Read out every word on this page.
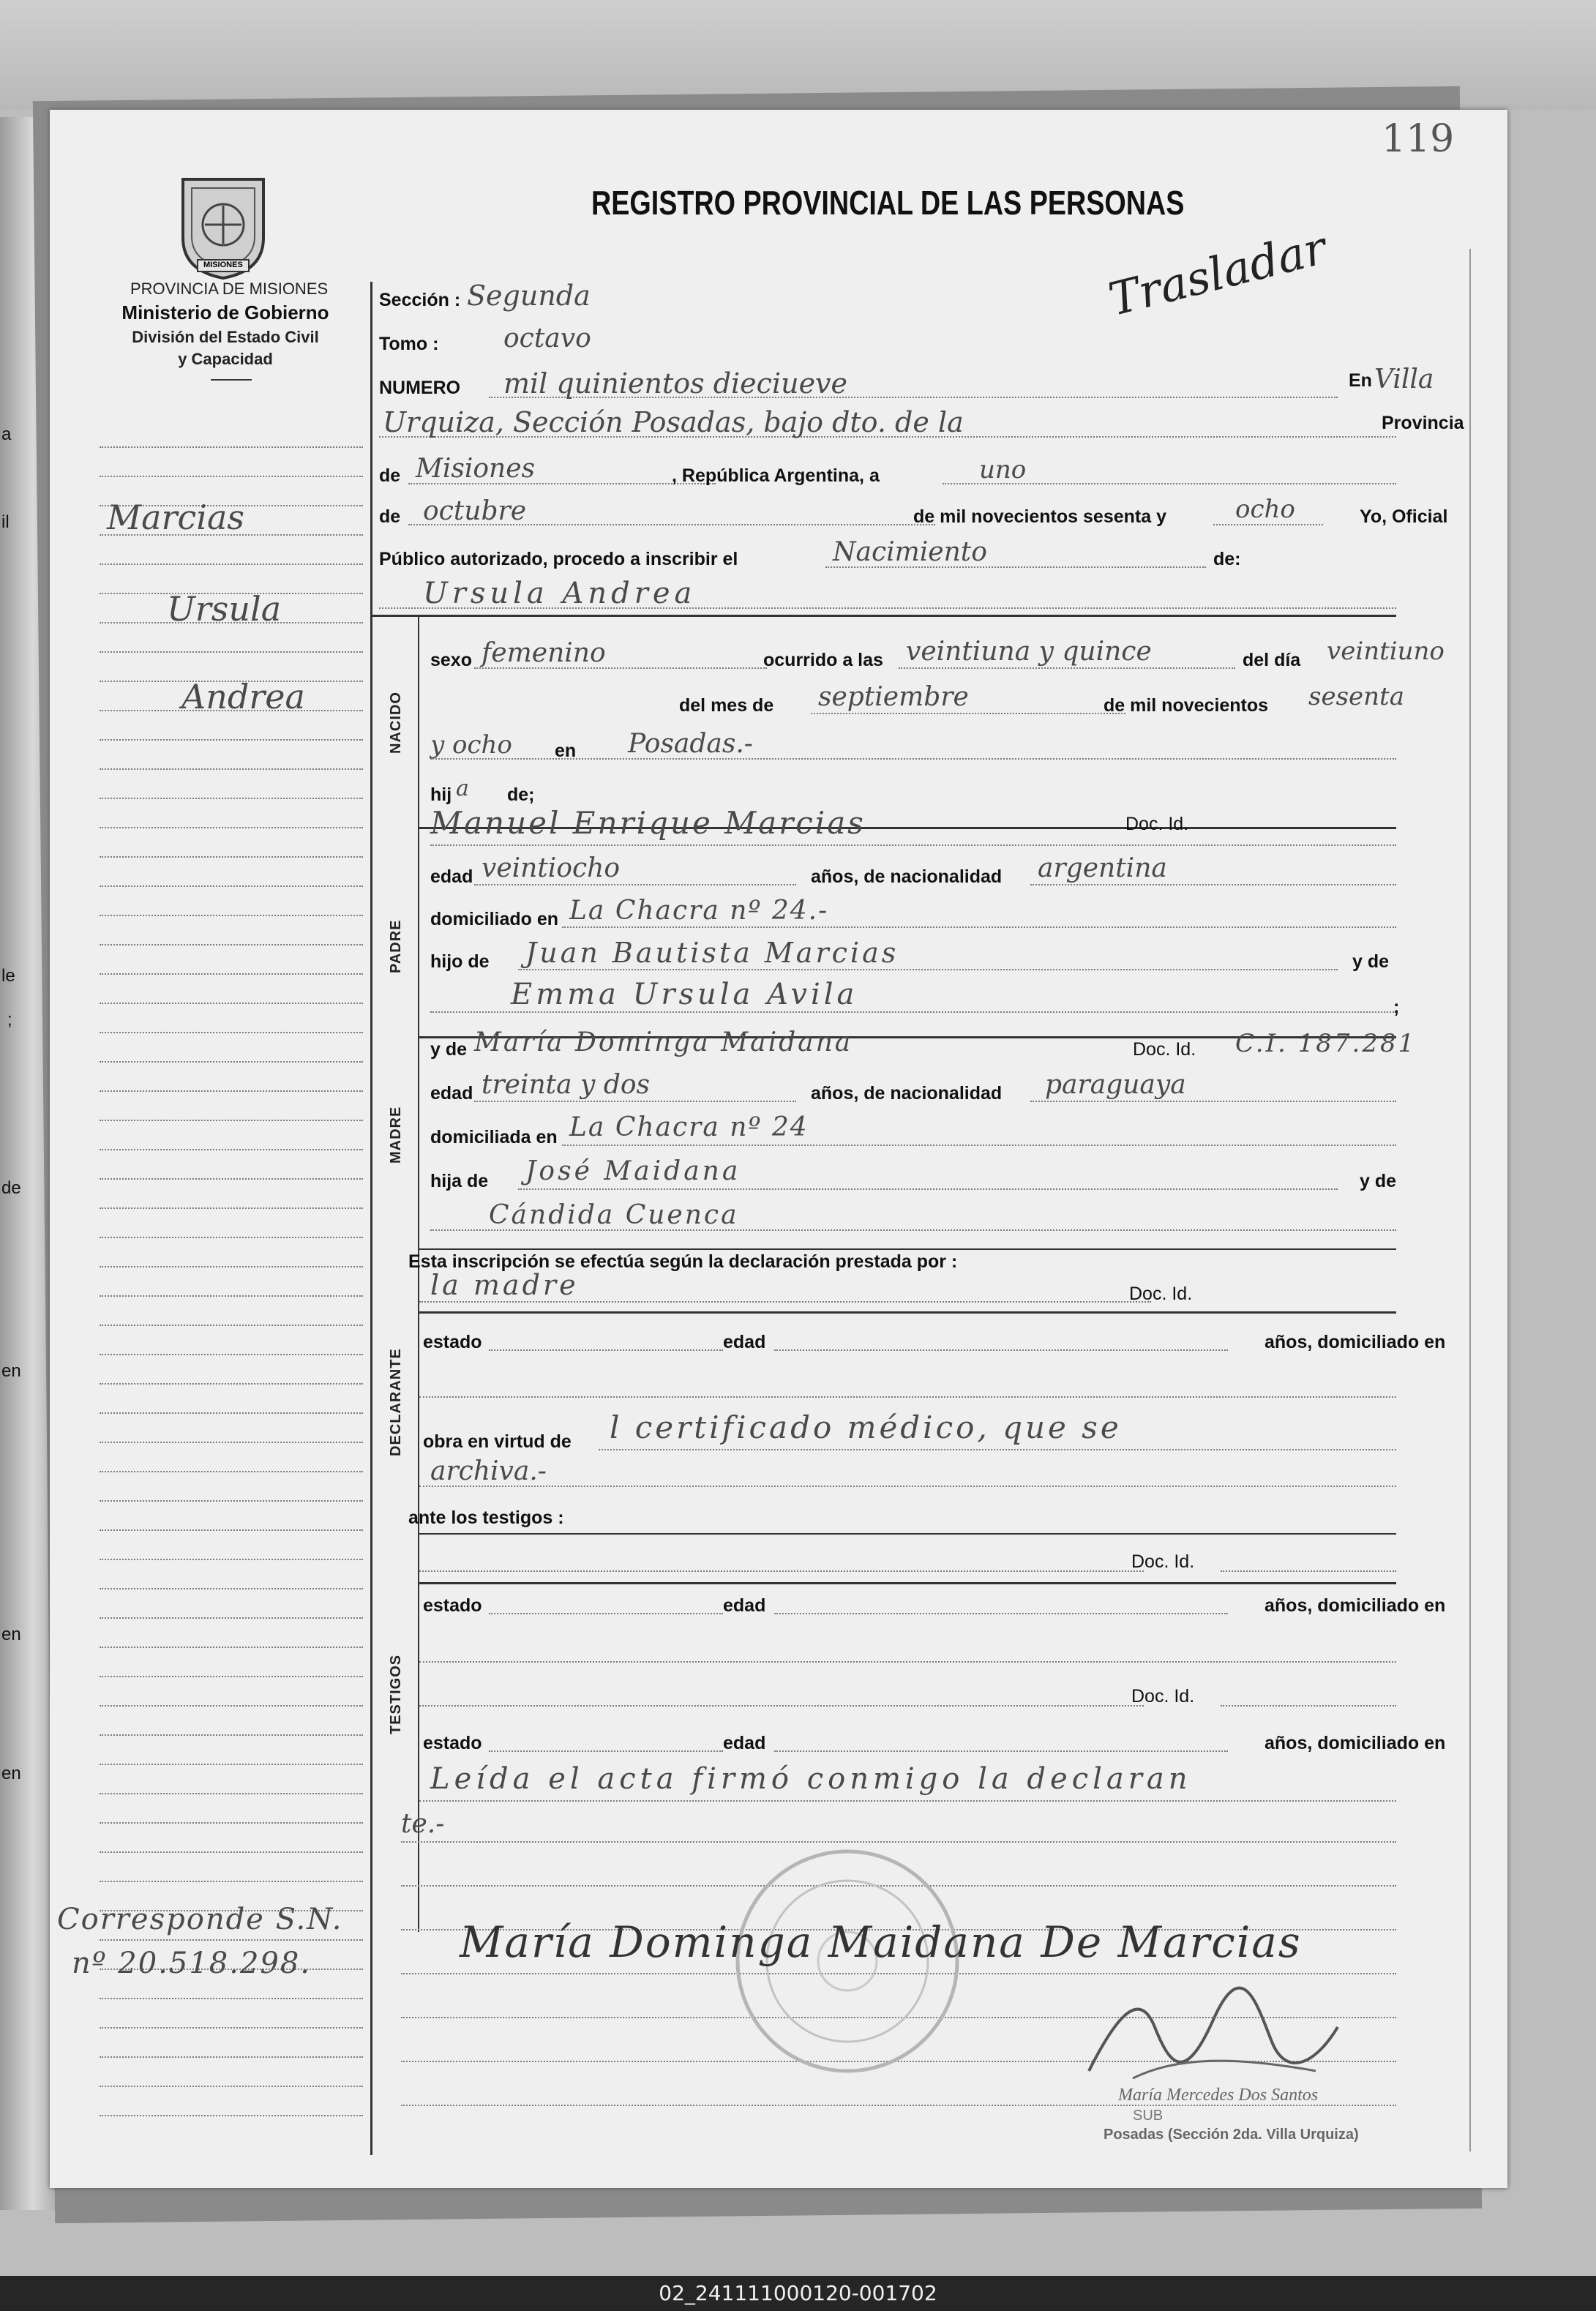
a
il
le
;
de
en
en
en
119
MISIONES
PROVINCIA DE MISIONES
Ministerio de Gobierno
División del Estado Civil
y Capacidad
REGISTRO PROVINCIAL DE LAS PERSONAS
Marcias
Ursula
Andrea
Corresponde S.N.
nº 20.518.298.
Sección : Segunda
Tomo : octavo
NUMERO mil quinientos dieciueve
Trasladar
En Villa
Urquiza, Sección Posadas, bajo dto. de la	Provincia
de Misiones	, República Argentina, a	uno
de octubre	de mil novecientos sesenta y	ocho	Yo, Oficial
Público autorizado, procedo a inscribir el	Nacimiento	de:
Ursula Andrea
NACIDO
sexo femenino	ocurrido a las veintiuna y quince	del día veintiuno
del mes de septiembre	de mil novecientos sesenta
y ocho en Posadas.-
hij a de;
Manuel Enrique Marcias	Doc. Id.
PADRE
edad veintiocho	años, de nacionalidad argentina
domiciliado en La Chacra nº 24.-
hijo de Juan Bautista Marcias	y de
Emma Ursula Avila	;
y de María Dominga Maidana	Doc. Id. C.I. 187.281
MADRE
edad treinta y dos	años, de nacionalidad paraguaya
domiciliada en La Chacra nº 24
hija de José Maidana	y de
Cándida Cuenca
Esta inscripción se efectúa según la declaración prestada por :
la madre	Doc. Id.
DECLARANTE
estado	edad	años, domiciliado en
obra en virtud de l certificado médico, que se
archiva.-
ante los testigos :
Doc. Id.
TESTIGOS
estado	edad	años, domiciliado en
Doc. Id.
estado	edad	años, domiciliado en
Leída el acta firmó conmigo la declaran
te.-
María Dominga Maidana De Marcias
María Mercedes Dos Santos
SUB
Posadas (Sección 2da. Villa Urquiza)
02_241111000120-001702
